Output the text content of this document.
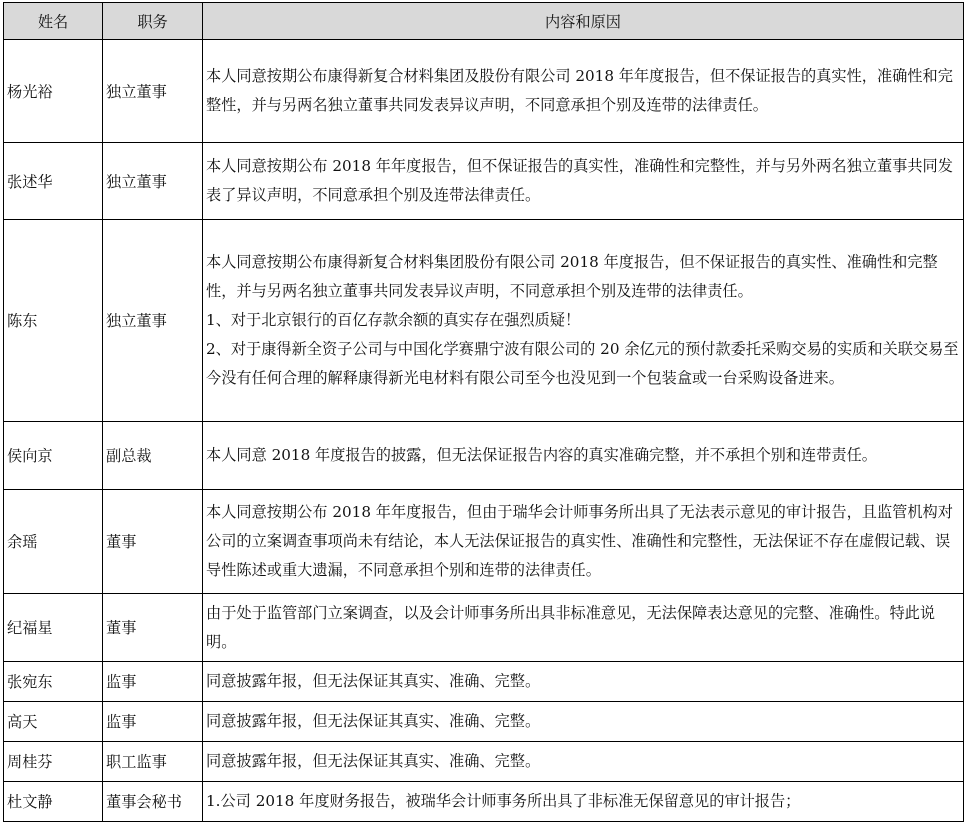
姓名	职务	内容和原因
杨光裕	独立董事	本人同意按期公布康得新复合材料集团及股份有限公司 2018 年年度报告，但不保证报告的真实性，准确性和完整性，并与另两名独立董事共同发表异议声明，不同意承担个别及连带的法律责任。

张述华	独立董事	本人同意按期公布 2018 年年度报告，但不保证报告的真实性，准确性和完整性，并与另外两名独立董事共同发表了异议声明，不同意承担个别及连带法律责任。

陈东	独立董事	本人同意按期公布康得新复合材料集团股份有限公司 2018 年度报告，但不保证报告的真实性、准确性和完整性，并与另两名独立董事共同发表异议声明，不同意承担个别及连带的法律责任。

1、对于北京银行的百亿存款余额的真实存在强烈质疑！

2、对于康得新全资子公司与中国化学赛鼎宁波有限公司的 20 余亿元的预付款委托采购交易的实质和关联交易至今没有任何合理的解释康得新光电材料有限公司至今也没见到一个包装盒或一台采购设备进来。

侯向京	副总裁	本人同意 2018 年度报告的披露，但无法保证报告内容的真实准确完整，并不承担个别和连带责任。

余瑶	董事	本人同意按期公布 2018 年年度报告，但由于瑞华会计师事务所出具了无法表示意见的审计报告，且监管机构对公司的立案调查事项尚未有结论，本人无法保证报告的真实性、准确性和完整性，无法保证不存在虚假记载、误导性陈述或重大遗漏，不同意承担个别和连带的法律责任。

纪福星	董事	由于处于监管部门立案调查，以及会计师事务所出具非标准意见，无法保障表达意见的完整、准确性。特此说明。

张宛东	监事	同意披露年报，但无法保证其真实、准确、完整。

高天	监事	同意披露年报，但无法保证其真实、准确、完整。

周桂芬	职工监事	同意披露年报，但无法保证其真实、准确、完整。

杜文静	董事会秘书	1.公司 2018 年度财务报告，被瑞华会计师事务所出具了非标准无保留意见的审计报告；
